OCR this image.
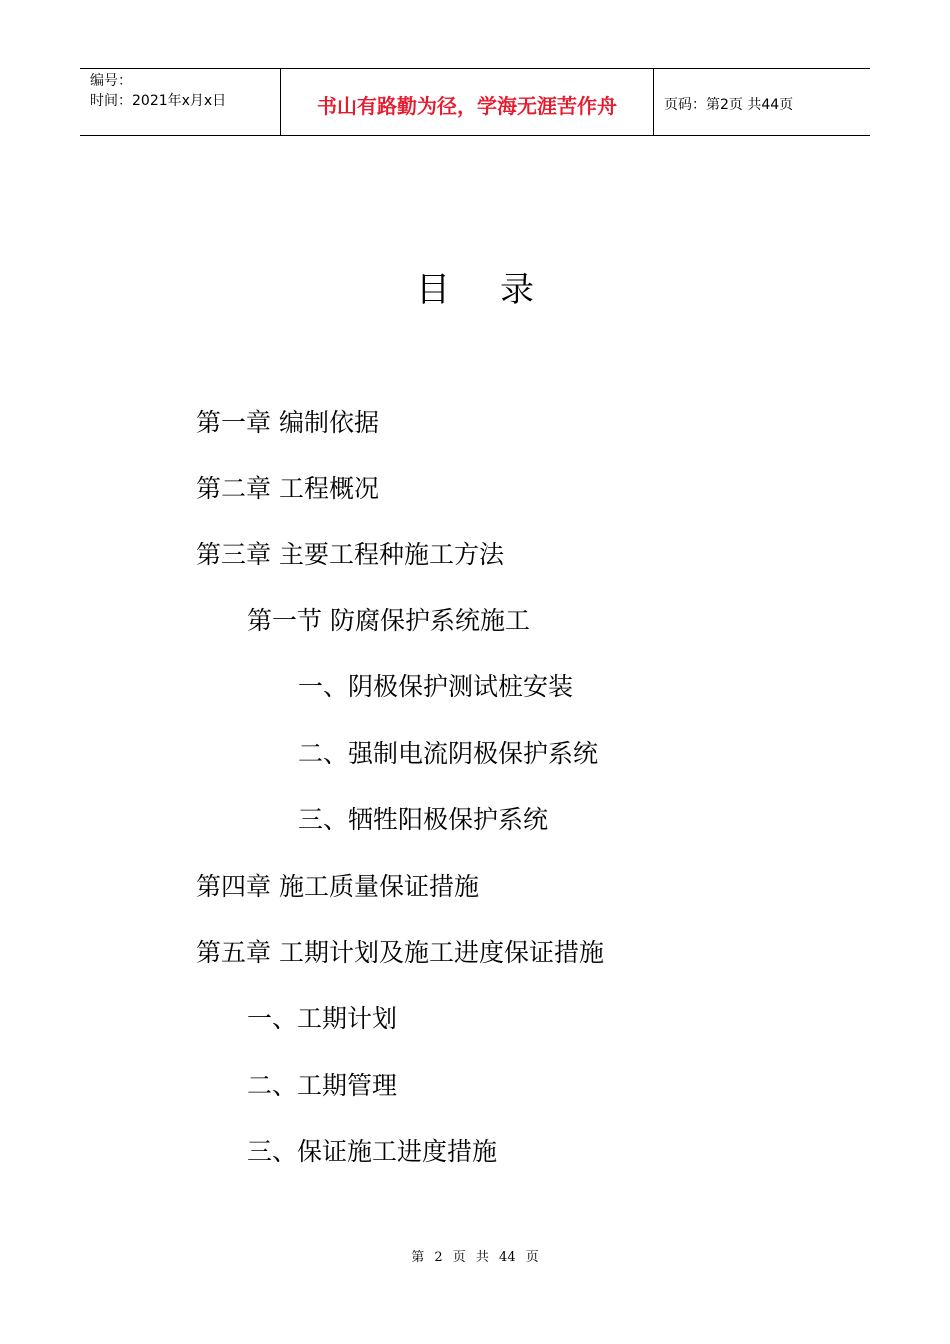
编号：
时间：2021年x月x日	书山有路勤为径，学海无涯苦作舟	页码：第2页 共44页
目录
第一章 编制依据
第二章 工程概况
第三章 主要工程种施工方法
第一节 防腐保护系统施工
一、阴极保护测试桩安装
二、强制电流阴极保护系统
三、牺牲阳极保护系统
第四章 施工质量保证措施
第五章 工期计划及施工进度保证措施
一、工期计划
二、工期管理
三、保证施工进度措施
第 2 页 共 44 页
